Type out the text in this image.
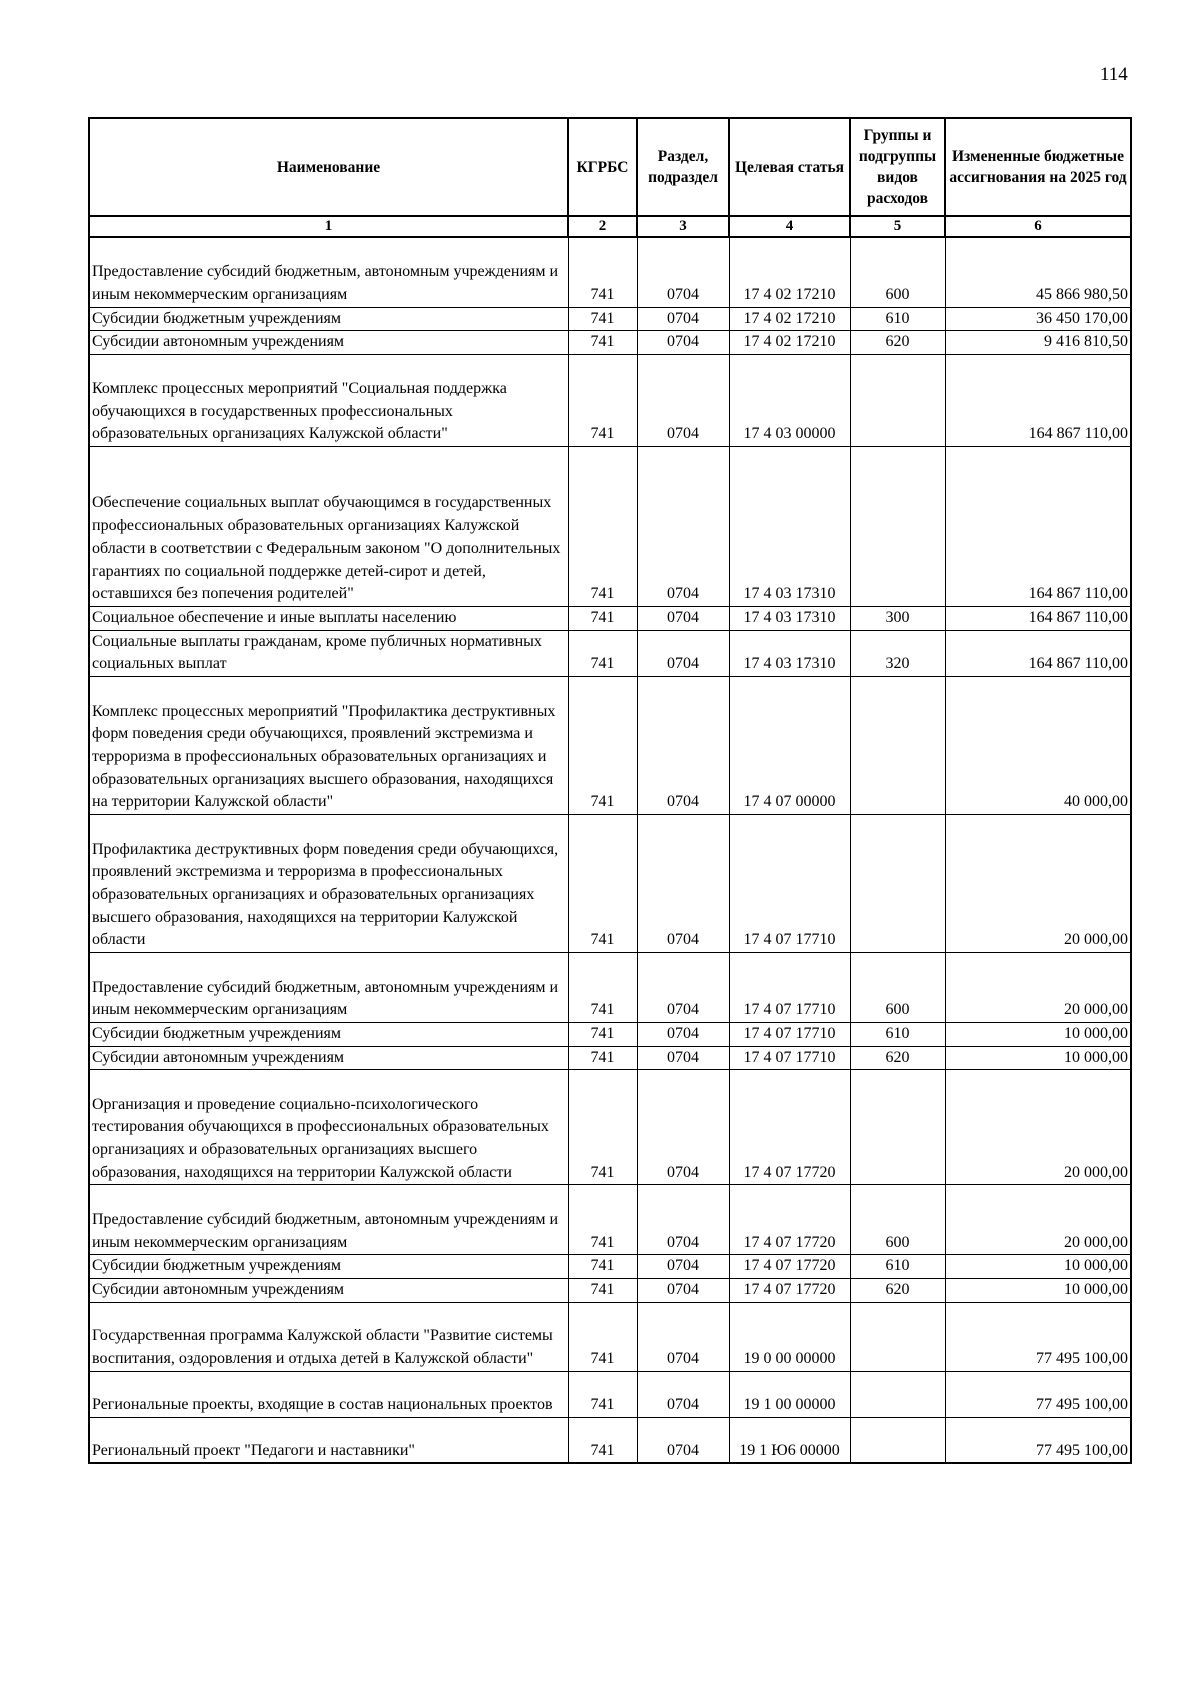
114
Наименование	КГРБС	Раздел, подраздел	Целевая статья	Группы и подгруппы видов расходов	Измененные бюджетные ассигнования на 2025 год
1	2	3	4	5	6
Предоставление субсидий бюджетным, автономным учреждениям и иным некоммерческим организациям	741	0704	17 4 02 17210	600	45 866 980,50
Субсидии бюджетным учреждениям	741	0704	17 4 02 17210	610	36 450 170,00
Субсидии автономным учреждениям	741	0704	17 4 02 17210	620	9 416 810,50
Комплекс процессных мероприятий "Социальная поддержка обучающихся в государственных профессиональных образовательных организациях Калужской области"	741	0704	17 4 03 00000		164 867 110,00
Обеспечение социальных выплат обучающимся в государственных профессиональных образовательных организациях Калужской области в соответствии с Федеральным законом "О дополнительных гарантиях по социальной поддержке детей-сирот и детей, оставшихся без попечения родителей"	741	0704	17 4 03 17310		164 867 110,00
Социальное обеспечение и иные выплаты населению	741	0704	17 4 03 17310	300	164 867 110,00
Социальные выплаты гражданам, кроме публичных нормативных социальных выплат	741	0704	17 4 03 17310	320	164 867 110,00
Комплекс процессных мероприятий "Профилактика деструктивных форм поведения среди обучающихся, проявлений экстремизма и терроризма в профессиональных образовательных организациях и образовательных организациях высшего образования, находящихся на территории Калужской области"	741	0704	17 4 07 00000		40 000,00
Профилактика деструктивных форм поведения среди обучающихся, проявлений экстремизма и терроризма в профессиональных образовательных организациях и образовательных организациях высшего образования, находящихся на территории Калужской области	741	0704	17 4 07 17710		20 000,00
Предоставление субсидий бюджетным, автономным учреждениям и иным некоммерческим организациям	741	0704	17 4 07 17710	600	20 000,00
Субсидии бюджетным учреждениям	741	0704	17 4 07 17710	610	10 000,00
Субсидии автономным учреждениям	741	0704	17 4 07 17710	620	10 000,00
Организация и проведение социально-психологического тестирования обучающихся в профессиональных образовательных организациях и образовательных организациях высшего образования, находящихся на территории Калужской области	741	0704	17 4 07 17720		20 000,00
Предоставление субсидий бюджетным, автономным учреждениям и иным некоммерческим организациям	741	0704	17 4 07 17720	600	20 000,00
Субсидии бюджетным учреждениям	741	0704	17 4 07 17720	610	10 000,00
Субсидии автономным учреждениям	741	0704	17 4 07 17720	620	10 000,00
Государственная программа Калужской области "Развитие системы воспитания, оздоровления и отдыха детей в Калужской области"	741	0704	19 0 00 00000		77 495 100,00
Региональные проекты, входящие в состав национальных проектов	741	0704	19 1 00 00000		77 495 100,00
Региональный проект "Педагоги и наставники"	741	0704	19 1 Ю6 00000		77 495 100,00
